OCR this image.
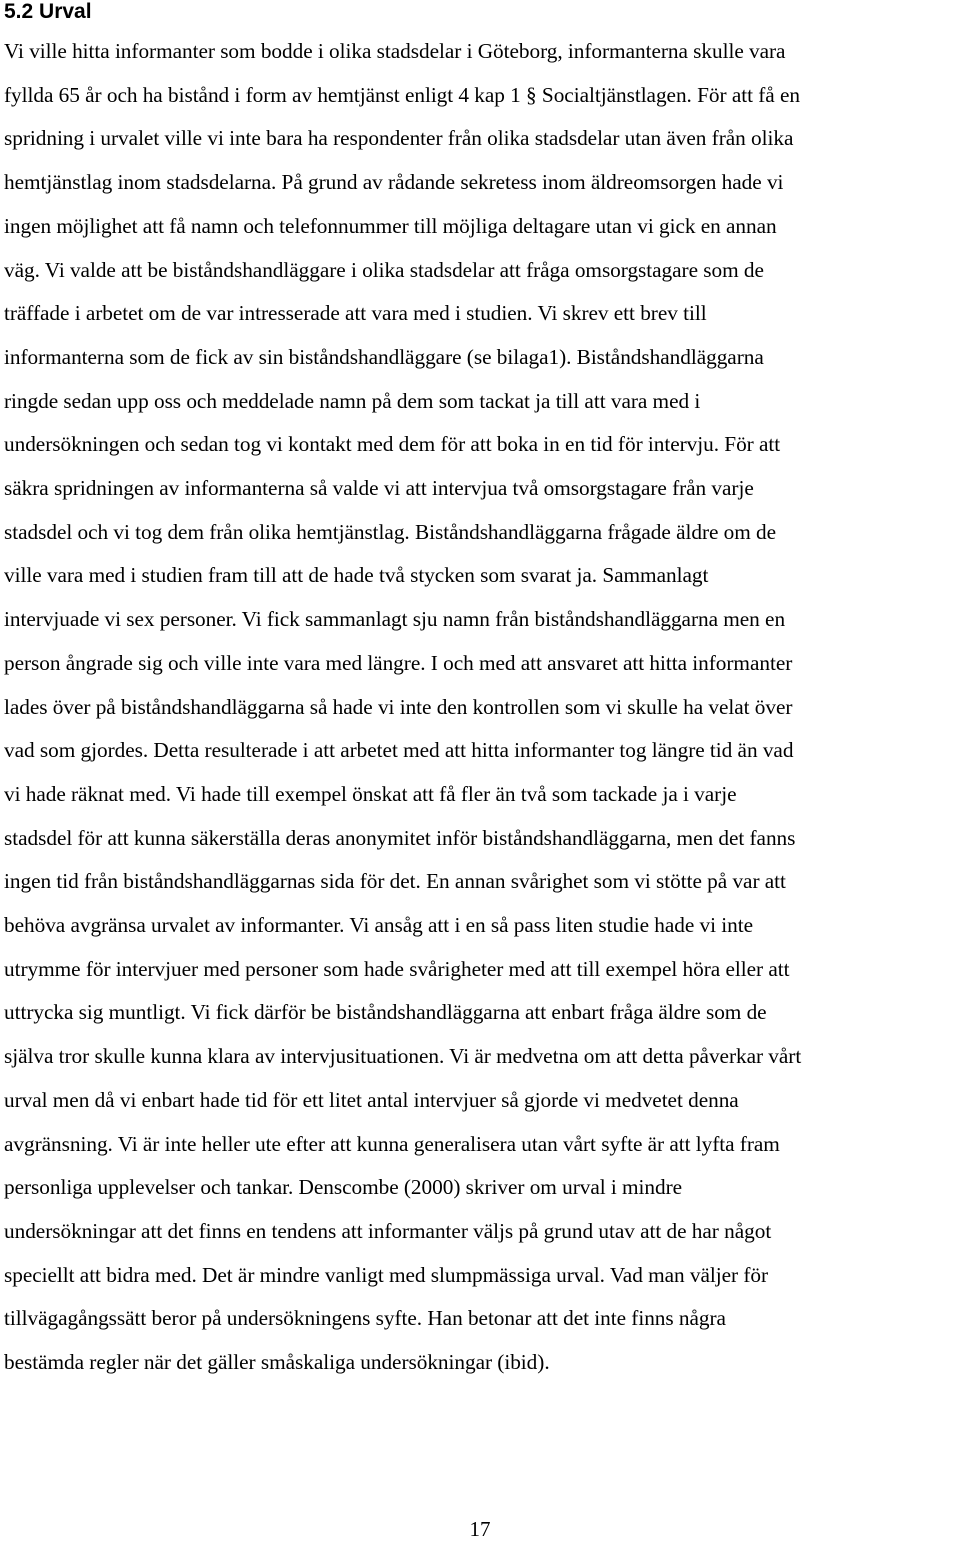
5.2 Urval
Vi ville hitta informanter som bodde i olika stadsdelar i Göteborg, informanterna skulle vara
fyllda 65 år och ha bistånd i form av hemtjänst enligt 4 kap 1 § Socialtjänstlagen. För att få en
spridning i urvalet ville vi inte bara ha respondenter från olika stadsdelar utan även från olika
hemtjänstlag inom stadsdelarna. På grund av rådande sekretess inom äldreomsorgen hade vi
ingen möjlighet att få namn och telefonnummer till möjliga deltagare utan vi gick en annan
väg. Vi valde att be biståndshandläggare i olika stadsdelar att fråga omsorgstagare som de
träffade i arbetet om de var intresserade att vara med i studien. Vi skrev ett brev till
informanterna som de fick av sin biståndshandläggare (se bilaga1). Biståndshandläggarna
ringde sedan upp oss och meddelade namn på dem som tackat ja till att vara med i
undersökningen och sedan tog vi kontakt med dem för att boka in en tid för intervju. För att
säkra spridningen av informanterna så valde vi att intervjua två omsorgstagare från varje
stadsdel och vi tog dem från olika hemtjänstlag. Biståndshandläggarna frågade äldre om de
ville vara med i studien fram till att de hade två stycken som svarat ja. Sammanlagt
intervjuade vi sex personer. Vi fick sammanlagt sju namn från biståndshandläggarna men en
person ångrade sig och ville inte vara med längre. I och med att ansvaret att hitta informanter
lades över på biståndshandläggarna så hade vi inte den kontrollen som vi skulle ha velat över
vad som gjordes. Detta resulterade i att arbetet med att hitta informanter tog längre tid än vad
vi hade räknat med. Vi hade till exempel önskat att få fler än två som tackade ja i varje
stadsdel för att kunna säkerställa deras anonymitet inför biståndshandläggarna, men det fanns
ingen tid från biståndshandläggarnas sida för det. En annan svårighet som vi stötte på var att
behöva avgränsa urvalet av informanter. Vi ansåg att i en så pass liten studie hade vi inte
utrymme för intervjuer med personer som hade svårigheter med att till exempel höra eller att
uttrycka sig muntligt. Vi fick därför be biståndshandläggarna att enbart fråga äldre som de
själva tror skulle kunna klara av intervjusituationen. Vi är medvetna om att detta påverkar vårt
urval men då vi enbart hade tid för ett litet antal intervjuer så gjorde vi medvetet denna
avgränsning. Vi är inte heller ute efter att kunna generalisera utan vårt syfte är att lyfta fram
personliga upplevelser och tankar. Denscombe (2000) skriver om urval i mindre
undersökningar att det finns en tendens att informanter väljs på grund utav att de har något
speciellt att bidra med. Det är mindre vanligt med slumpmässiga urval. Vad man väljer för
tillvägagångssätt beror på undersökningens syfte. Han betonar att det inte finns några
bestämda regler när det gäller småskaliga undersökningar (ibid).
17
